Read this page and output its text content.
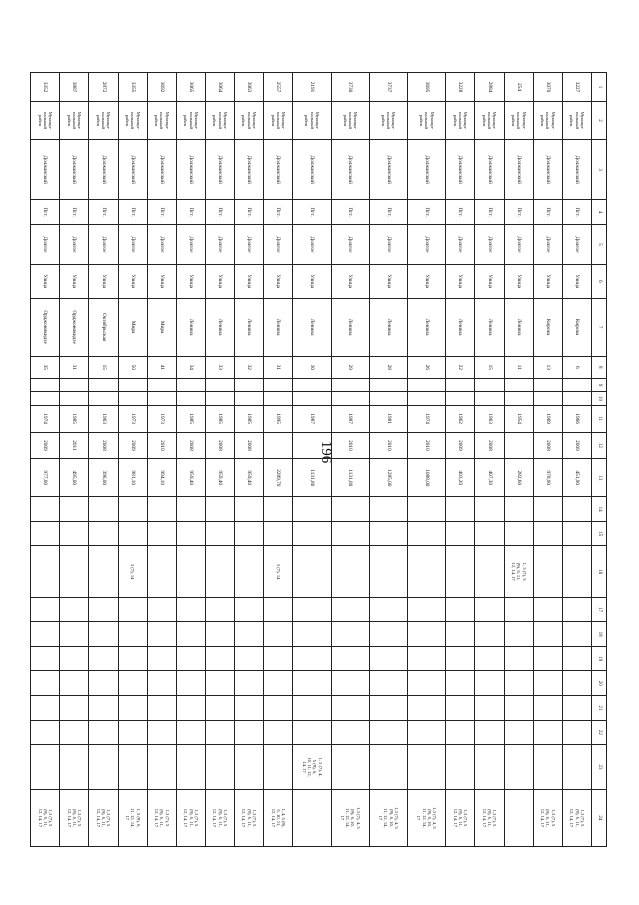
196
1	2	3	4	5	6	7	8	9	10	11	12	13	14	15	16	17	18	19	20	21	22	23	24
3227	Муници-
пальный
район	Должанский	Пгт.	Долгое	Улица	Кирова	6			1966	2009	451,90											1,3 (7), 5
(9), 6, 11,
12, 14, 17
3070	Муници-
пальный
район	Должанский	Пгт.	Долгое	Улица	Кирова	13			1969	2008	978,90											1,3 (7), 5
(9), 6, 11,
12, 14, 17
254	Муници-
пальный
район	Должанский	Пгт.	Долгое	Улица	Ленина	11			1954		282,60			1, 3 (7), 5
(9), 6, 11,
12, 14, 17								
2884	Муници-
пальный
район	Должанский	Пгт.	Долгое	Улица	Ленина	15			1963	2008	407,30											1,3 (7), 5
(9), 6, 11,
12, 14, 17
3228	Муници-
пальный
район	Должанский	Пгт.	Долгое	Улица	Ленина	22			1962	2009	403,20											1,3 (7), 5
(9), 6, 11,
12, 14, 17
3695	Муници-
пальный
район	Должанский	Пгт.	Долгое	Улица	Ленина	26			1974	2010	1088,00											1,3 (7), 4, 5
(9), 6, 10,
11, 12, 14,
17
3737	Муници-
пальный
район	Должанский	Пгт.	Долгое	Улица	Ленина	28			1981	2010	1285,00											1,3 (7), 4, 5
(9), 6, 10,
11, 12, 14,
17
3730	Муници-
пальный
район	Должанский	Пгт.	Долгое	Улица	Ленина	29			1987	2010	1131,80											1,3 (7), 4, 5
(9), 6, 10,
11, 12, 14,
17
2191	Муници-
пальный
район	Должанский	Пгт.	Долгое	Улица	Ленина	30			1987		1131,80										1, 3 (7), 4,
5 (9), 6,
10, 11, 12,
14, 17	
2557	Муници-
пальный
район	Должанский	Пгт.	Долгое	Улица	Ленина	31			1995		2289,70			3 (7), 14								1, 4, 5 (9),
6, 10, 11,
12, 14, 17
3063	Муници-
пальный
район	Должанский	Пгт.	Долгое	Улица	Ленина	32			1985	2008	959,40											1,3 (7), 5
(9), 6, 11,
12, 14, 17
3064	Муници-
пальный
район	Должанский	Пгт.	Долгое	Улица	Ленина	33			1985	2008	959,40											1,3 (7), 5
(9), 6, 11,
12, 14, 17
3065	Муници-
пальный
район	Должанский	Пгт.	Долгое	Улица	Ленина	34			1985	2008	959,40											1,3 (7), 5
(9), 6, 11,
12, 14, 17
3692	Муници-
пальный
район	Должанский	Пгт.	Долгое	Улица	Мира	41			1973	2010	994,10											1,3 (7), 5
(9), 6, 11,
12, 14, 17
3355	Муници-
пальный
район	Должанский	Пгт.	Долгое	Улица	Мира	50			1973	2009	981,10			3 (7), 14								1, 5 (9), 6,
11, 12, 14,
17
2872	Муници-
пальный
район	Должанский	Пгт.	Долгое	Улица	Октябрьская	15			1963	2008	396,00											1,3 (7), 5
(9), 6, 11,
12, 14, 17
3887	Муници-
пальный
район	Должанский	Пгт.	Долгое	Улица	Орджоникидзе	31			1985	2011	495,00											1,3 (7), 5
(9), 6, 11,
12, 14, 17
3352	Муници-
пальный
район	Должанский	Пгт.	Долгое	Улица	Орджоникидзе	35			1974	2009	977,00											1,3 (7), 5
(9), 6, 11,
12, 14, 17
